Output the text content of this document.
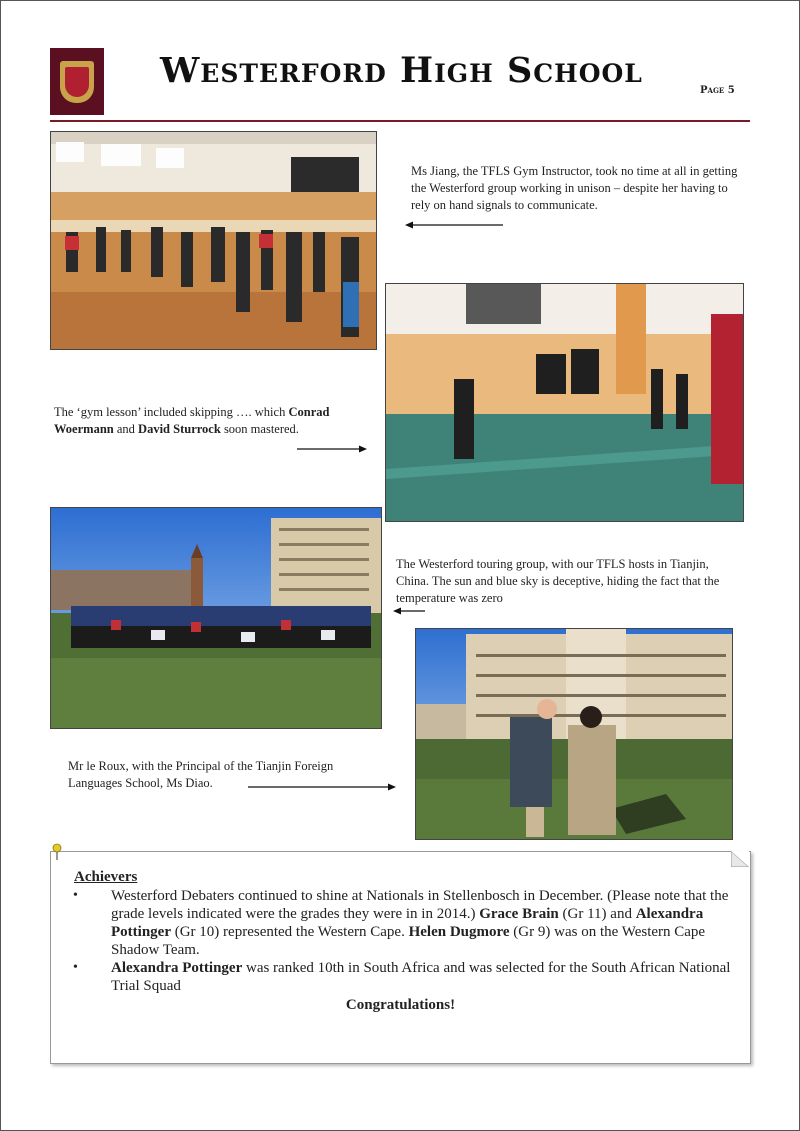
Westerford High School	Page 5
Ms Jiang, the TFLS Gym Instructor, took no time at all in getting the Westerford group working in unison – despite her having to rely on hand signals to communicate.
The ‘gym lesson’ included skipping …. which Conrad Woermann and David Sturrock soon mastered.
The Westerford touring group, with our TFLS hosts in Tianjin, China. The sun and blue sky is deceptive, hiding the fact that the temperature was zero
Mr le Roux, with the Principal of the Tianjin Foreign Languages School, Ms Diao.
Achievers
• Westerford Debaters continued to shine at Nationals in Stellenbosch in December. (Please note that the grade levels indicated were the grades they were in in 2014.) Grace Brain (Gr 11) and Alexandra Pottinger (Gr 10) represented the Western Cape. Helen Dugmore (Gr 9) was on the Western Cape Shadow Team.
• Alexandra Pottinger was ranked 10th in South Africa and was selected for the South African National Trial Squad
Congratulations!
